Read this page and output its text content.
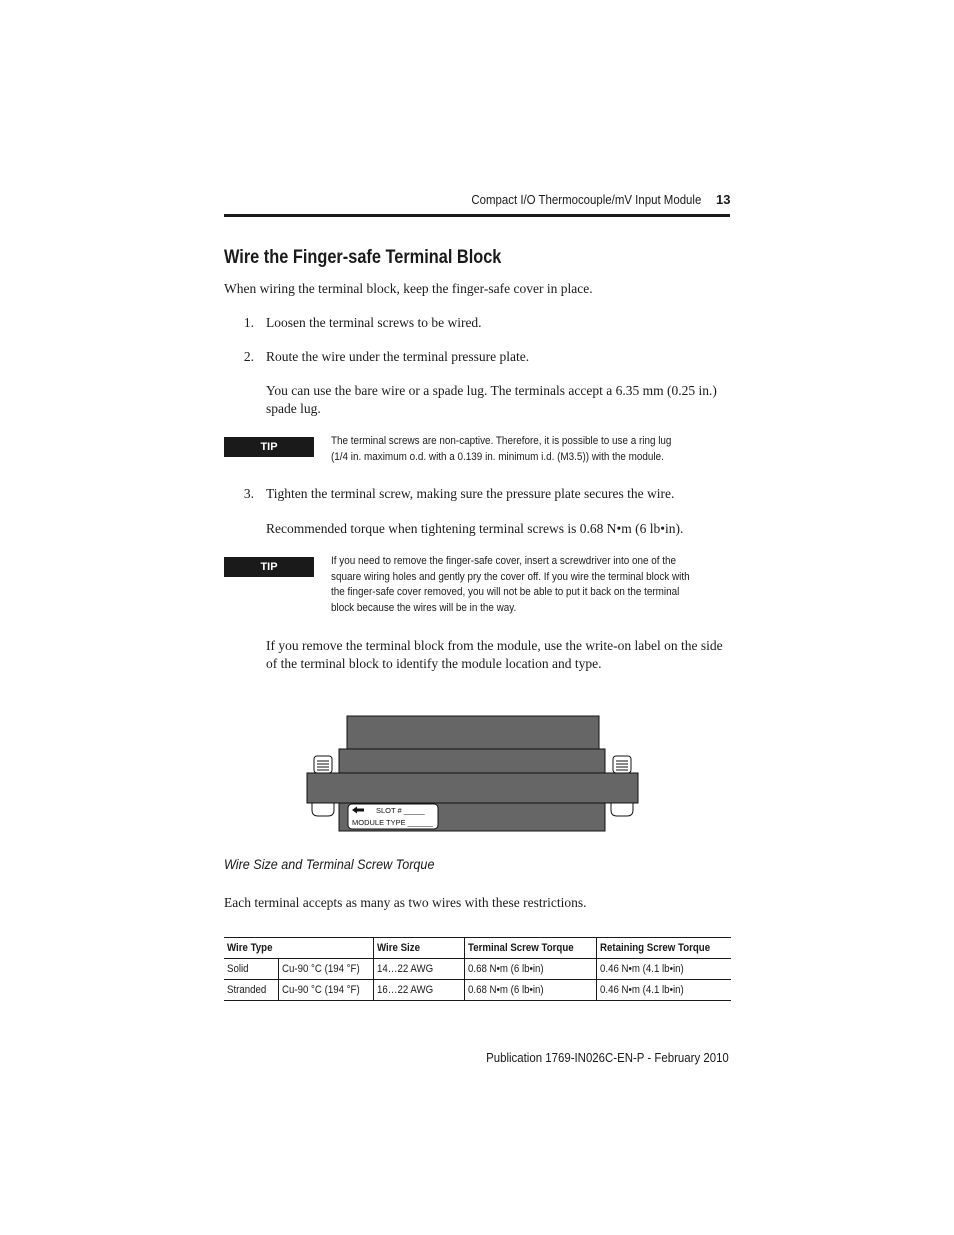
Compact I/O Thermocouple/mV Input Module 13
Wire the Finger-safe Terminal Block
When wiring the terminal block, keep the finger-safe cover in place.
1. Loosen the terminal screws to be wired.
2. Route the wire under the terminal pressure plate.
You can use the bare wire or a spade lug. The terminals accept a 6.35 mm (0.25 in.) spade lug.
TIP	The terminal screws are non-captive. Therefore, it is possible to use a ring lug (1/4 in. maximum o.d. with a 0.139 in. minimum i.d. (M3.5)) with the module.
3. Tighten the terminal screw, making sure the pressure plate secures the wire.
Recommended torque when tightening terminal screws is 0.68 N•m (6 lb•in).
TIP	If you need to remove the finger-safe cover, insert a screwdriver into one of the square wiring holes and gently pry the cover off. If you wire the terminal block with the finger-safe cover removed, you will not be able to put it back on the terminal block because the wires will be in the way.
If you remove the terminal block from the module, use the write-on label on the side of the terminal block to identify the module location and type.
SLOT # _____
MODULE TYPE ______
Wire Size and Terminal Screw Torque
Each terminal accepts as many as two wires with these restrictions.
Wire Type		Wire Size	Terminal Screw Torque	Retaining Screw Torque
Solid	Cu-90 °C (194 °F)	14…22 AWG	0.68 N•m (6 lb•in)	0.46 N•m (4.1 lb•in)
Stranded	Cu-90 °C (194 °F)	16…22 AWG	0.68 N•m (6 lb•in)	0.46 N•m (4.1 lb•in)
Publication 1769-IN026C-EN-P - February 2010
